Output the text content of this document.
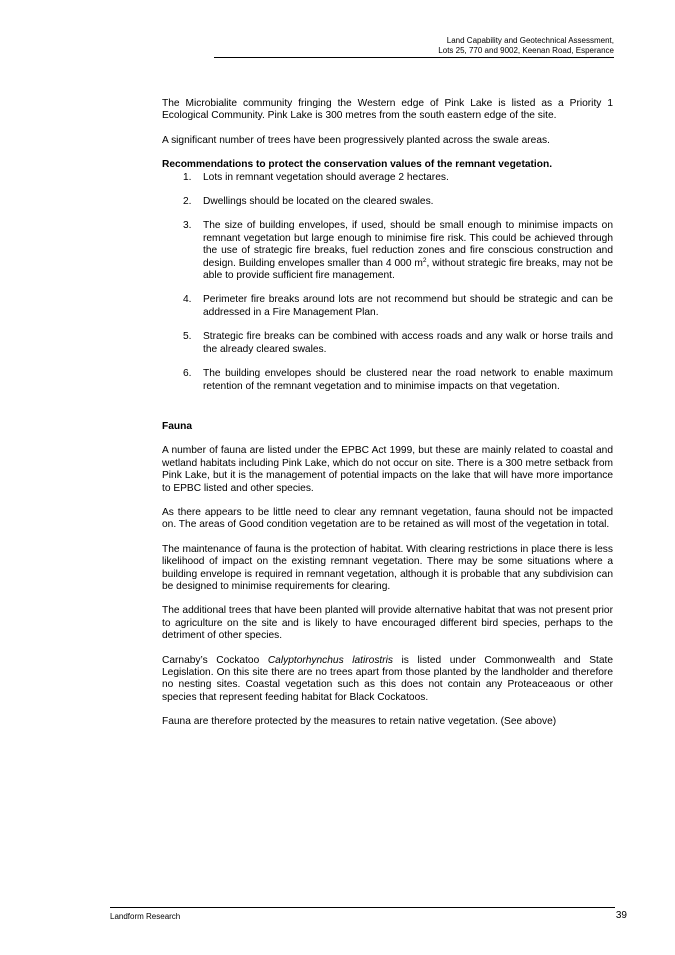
Land Capability and Geotechnical Assessment,
Lots 25, 770 and 9002, Keenan Road, Esperance

The Microbialite community fringing the Western edge of Pink Lake is listed as a Priority 1 Ecological Community. Pink Lake is 300 metres from the south eastern edge of the site.

A significant number of trees have been progressively planted across the swale areas.

Recommendations to protect the conservation values of the remnant vegetation.

1. Lots in remnant vegetation should average 2 hectares.
2. Dwellings should be located on the cleared swales.
3. The size of building envelopes, if used, should be small enough to minimise impacts on remnant vegetation but large enough to minimise fire risk. This could be achieved through the use of strategic fire breaks, fuel reduction zones and fire conscious construction and design. Building envelopes smaller than 4 000 $m^2$, without strategic fire breaks, may not be able to provide sufficient fire management.
4. Perimeter fire breaks around lots are not recommend but should be strategic and can be addressed in a Fire Management Plan.
5. Strategic fire breaks can be combined with access roads and any walk or horse trails and the already cleared swales.
6. The building envelopes should be clustered near the road network to enable maximum retention of the remnant vegetation and to minimise impacts on that vegetation.

Fauna

A number of fauna are listed under the EPBC Act 1999, but these are mainly related to coastal and wetland habitats including Pink Lake, which do not occur on site. There is a 300 metre setback from Pink Lake, but it is the management of potential impacts on the lake that will have more importance to EPBC listed and other species.

As there appears to be little need to clear any remnant vegetation, fauna should not be impacted on. The areas of Good condition vegetation are to be retained as will most of the vegetation in total.

The maintenance of fauna is the protection of habitat. With clearing restrictions in place there is less likelihood of impact on the existing remnant vegetation. There may be some situations where a building envelope is required in remnant vegetation, although it is probable that any subdivision can be designed to minimise requirements for clearing.

The additional trees that have been planted will provide alternative habitat that was not present prior to agriculture on the site and is likely to have encouraged different bird species, perhaps to the detriment of other species.

Carnaby’s Cockatoo Calyptorhynchus latirostris is listed under Commonwealth and State Legislation. On this site there are no trees apart from those planted by the landholder and therefore no nesting sites. Coastal vegetation such as this does not contain any Proteaceaous or other species that represent feeding habitat for Black Cockatoos.

Fauna are therefore protected by the measures to retain native vegetation. (See above)

Landform Research	39
